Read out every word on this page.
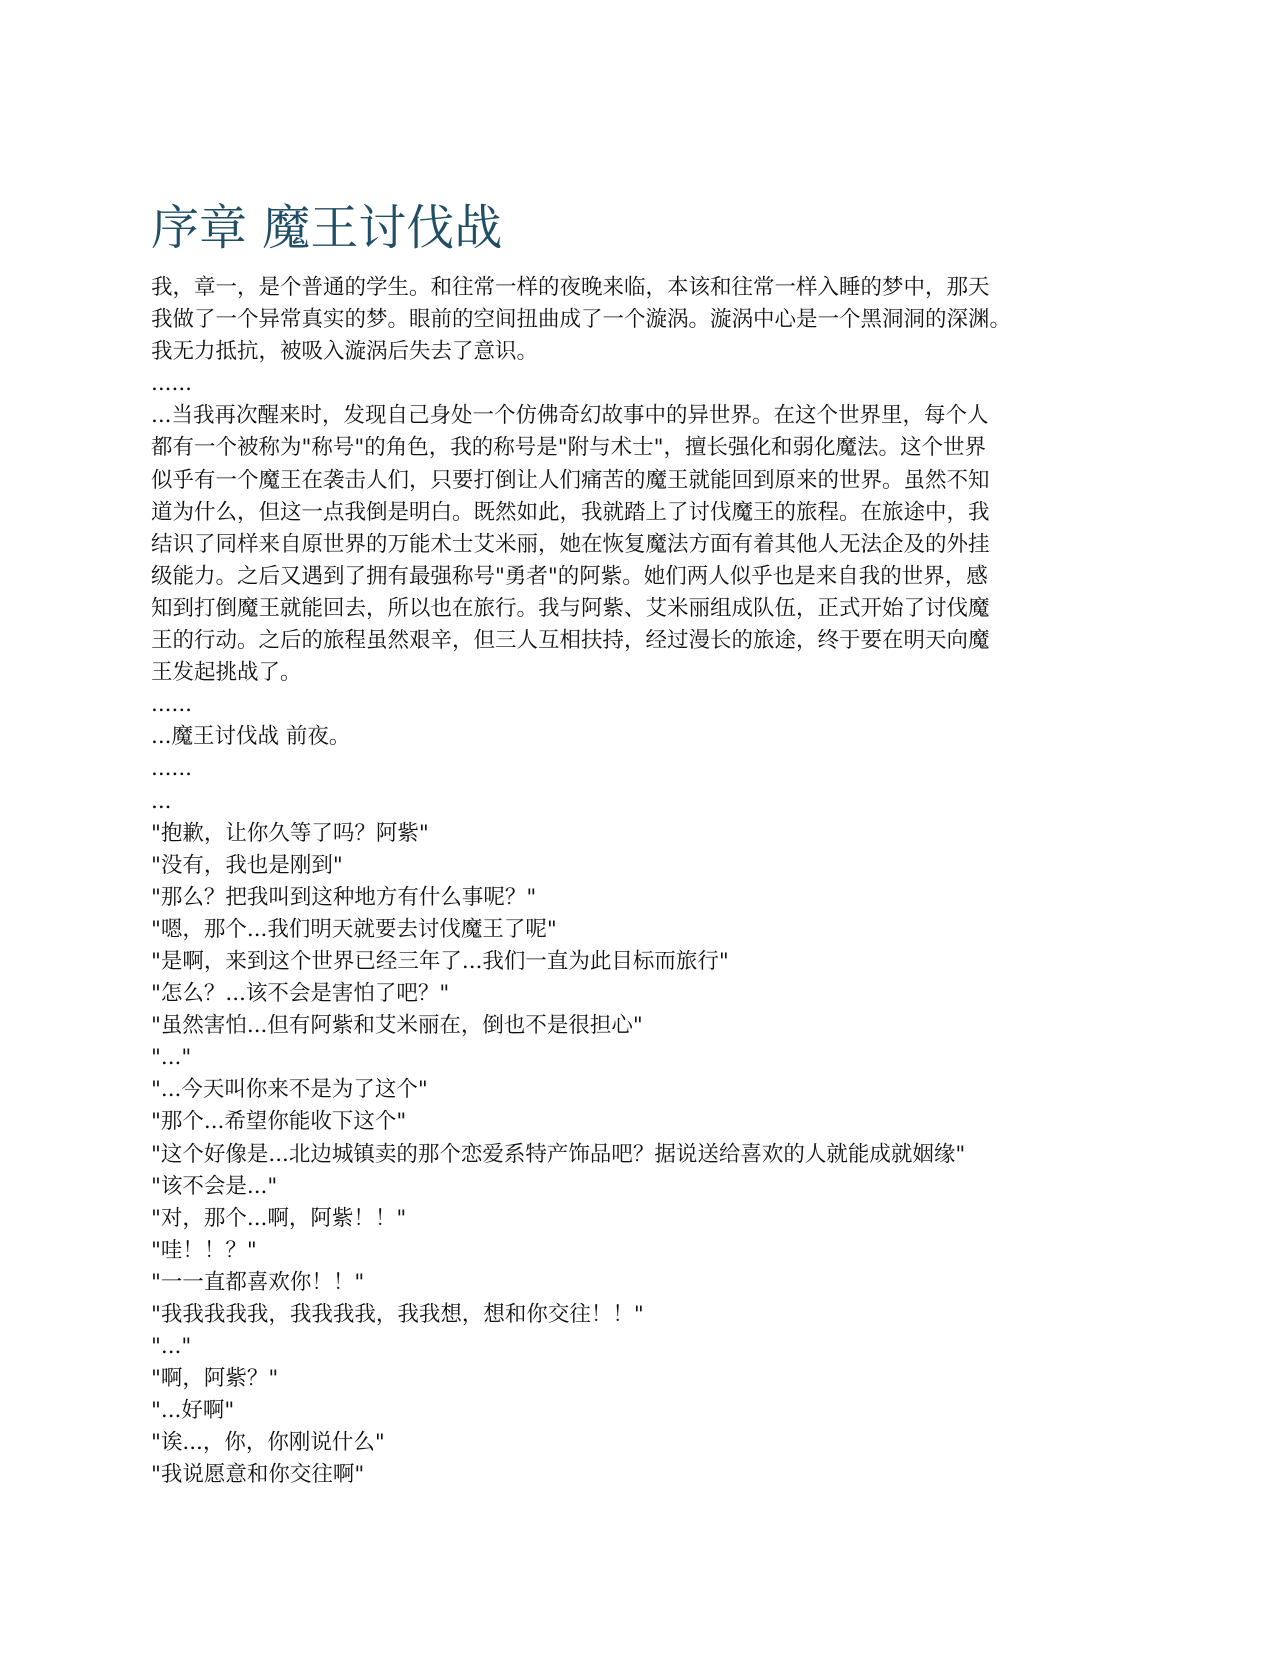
序章 魔王讨伐战

我，章一，是个普通的学生。和往常一样的夜晚来临，本该和往常一样入睡的梦中，那天
我做了一个异常真实的梦。眼前的空间扭曲成了一个漩涡。漩涡中心是一个黑洞洞的深渊。
我无力抵抗，被吸入漩涡后失去了意识。

......

...当我再次醒来时，发现自己身处一个仿佛奇幻故事中的异世界。在这个世界里，每个人
都有一个被称为"称号"的角色，我的称号是"附与术士"，擅长强化和弱化魔法。这个世界
似乎有一个魔王在袭击人们，只要打倒让人们痛苦的魔王就能回到原来的世界。虽然不知
道为什么，但这一点我倒是明白。既然如此，我就踏上了讨伐魔王的旅程。在旅途中，我
结识了同样来自原世界的万能术士艾米丽，她在恢复魔法方面有着其他人无法企及的外挂
级能力。之后又遇到了拥有最强称号"勇者"的阿紫。她们两人似乎也是来自我的世界，感
知到打倒魔王就能回去，所以也在旅行。我与阿紫、艾米丽组成队伍，正式开始了讨伐魔
王的行动。之后的旅程虽然艰辛，但三人互相扶持，经过漫长的旅途，终于要在明天向魔
王发起挑战了。

......

...魔王讨伐战 前夜。

......

...

"抱歉，让你久等了吗？阿紫"

"没有，我也是刚到"

"那么？把我叫到这种地方有什么事呢？"

"嗯，那个...我们明天就要去讨伐魔王了呢"

"是啊，来到这个世界已经三年了...我们一直为此目标而旅行"

"怎么？...该不会是害怕了吧？"

"虽然害怕...但有阿紫和艾米丽在，倒也不是很担心"

"..."

"...今天叫你来不是为了这个"

"那个...希望你能收下这个"

"这个好像是...北边城镇卖的那个恋爱系特产饰品吧？据说送给喜欢的人就能成就姻缘"

"该不会是..."

"对，那个...啊，阿紫！！"

"哇！！？"

"一一直都喜欢你！！"

"我我我我我，我我我我，我我想，想和你交往！！"

"..."

"啊，阿紫？"

"...好啊"

"诶...，你，你刚说什么"

"我说愿意和你交往啊"
